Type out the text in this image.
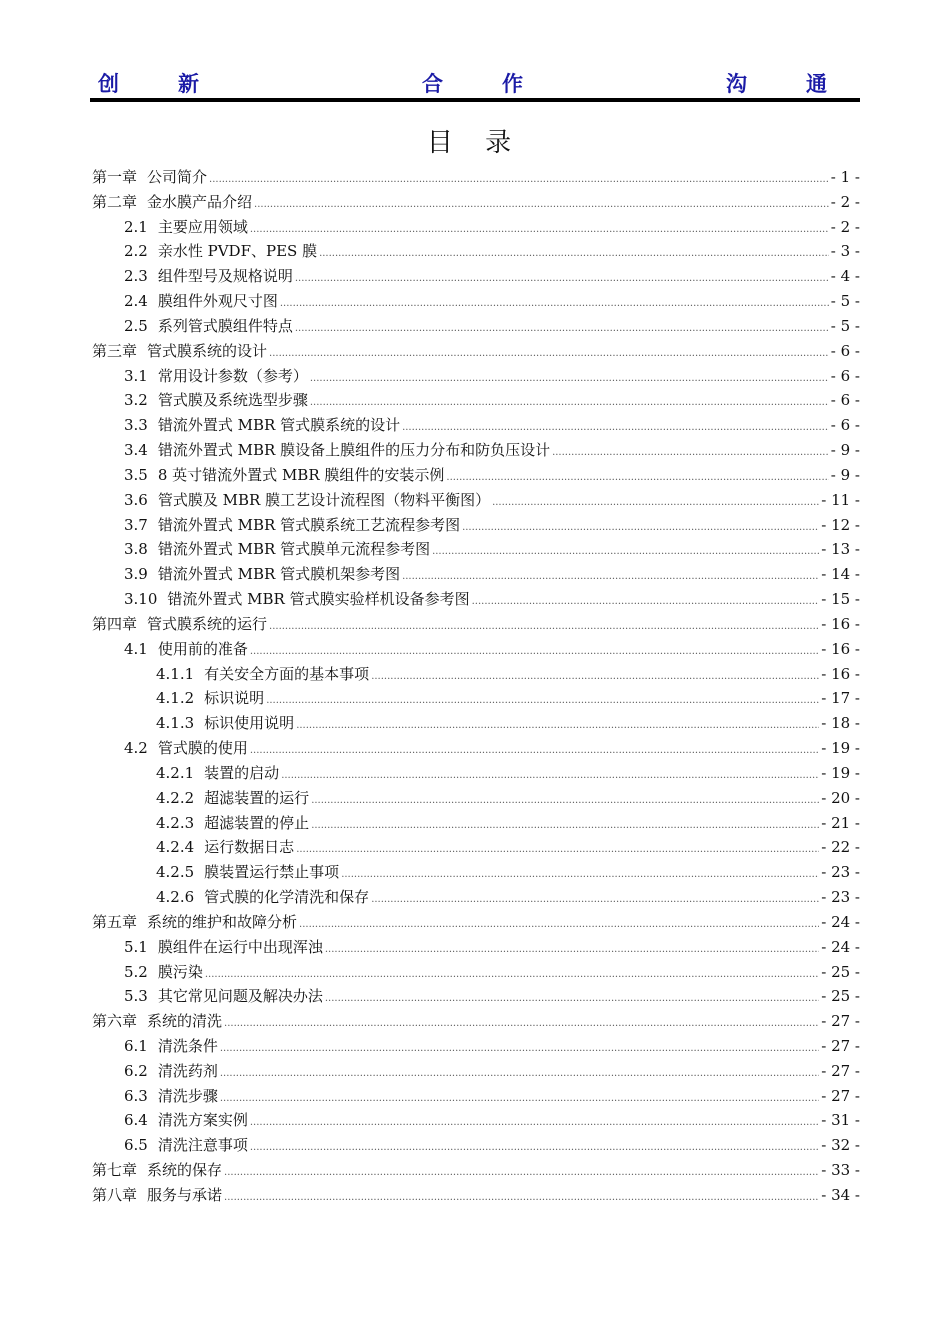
创	新	合	作	沟	通
目 录
第一章 公司简介 .....	- 1 -
第二章 金水膜产品介绍 .....	- 2 -
2.1 主要应用领域 .....	- 2 -
2.2 亲水性 PVDF、PES 膜 .....	- 3 -
2.3 组件型号及规格说明 .....	- 4 -
2.4 膜组件外观尺寸图 .....	- 5 -
2.5 系列管式膜组件特点 .....	- 5 -
第三章 管式膜系统的设计 .....	- 6 -
3.1 常用设计参数（参考） .....	- 6 -
3.2 管式膜及系统选型步骤 .....	- 6 -
3.3 错流外置式 MBR 管式膜系统的设计 .....	- 6 -
3.4 错流外置式 MBR 膜设备上膜组件的压力分布和防负压设计 .....	- 9 -
3.5 8 英寸错流外置式 MBR 膜组件的安装示例 .....	- 9 -
3.6 管式膜及 MBR 膜工艺设计流程图（物料平衡图） .....	- 11 -
3.7 错流外置式 MBR 管式膜系统工艺流程参考图 .....	- 12 -
3.8 错流外置式 MBR 管式膜单元流程参考图 .....	- 13 -
3.9 错流外置式 MBR 管式膜机架参考图 .....	- 14 -
3.10 错流外置式 MBR 管式膜实验样机设备参考图 .....	- 15 -
第四章 管式膜系统的运行 .....	- 16 -
4.1 使用前的准备 .....	- 16 -
4.1.1 有关安全方面的基本事项 .....	- 16 -
4.1.2 标识说明 .....	- 17 -
4.1.3 标识使用说明 .....	- 18 -
4.2 管式膜的使用 .....	- 19 -
4.2.1 装置的启动 .....	- 19 -
4.2.2 超滤装置的运行 .....	- 20 -
4.2.3 超滤装置的停止 .....	- 21 -
4.2.4 运行数据日志 .....	- 22 -
4.2.5 膜装置运行禁止事项 .....	- 23 -
4.2.6 管式膜的化学清洗和保存 .....	- 23 -
第五章 系统的维护和故障分析 .....	- 24 -
5.1 膜组件在运行中出现浑浊 .....	- 24 -
5.2 膜污染 .....	- 25 -
5.3 其它常见问题及解决办法 .....	- 25 -
第六章 系统的清洗 .....	- 27 -
6.1 清洗条件 .....	- 27 -
6.2 清洗药剂 .....	- 27 -
6.3 清洗步骤 .....	- 27 -
6.4 清洗方案实例 .....	- 31 -
6.5 清洗注意事项 .....	- 32 -
第七章 系统的保存 .....	- 33 -
第八章 服务与承诺 .....	- 34 -
